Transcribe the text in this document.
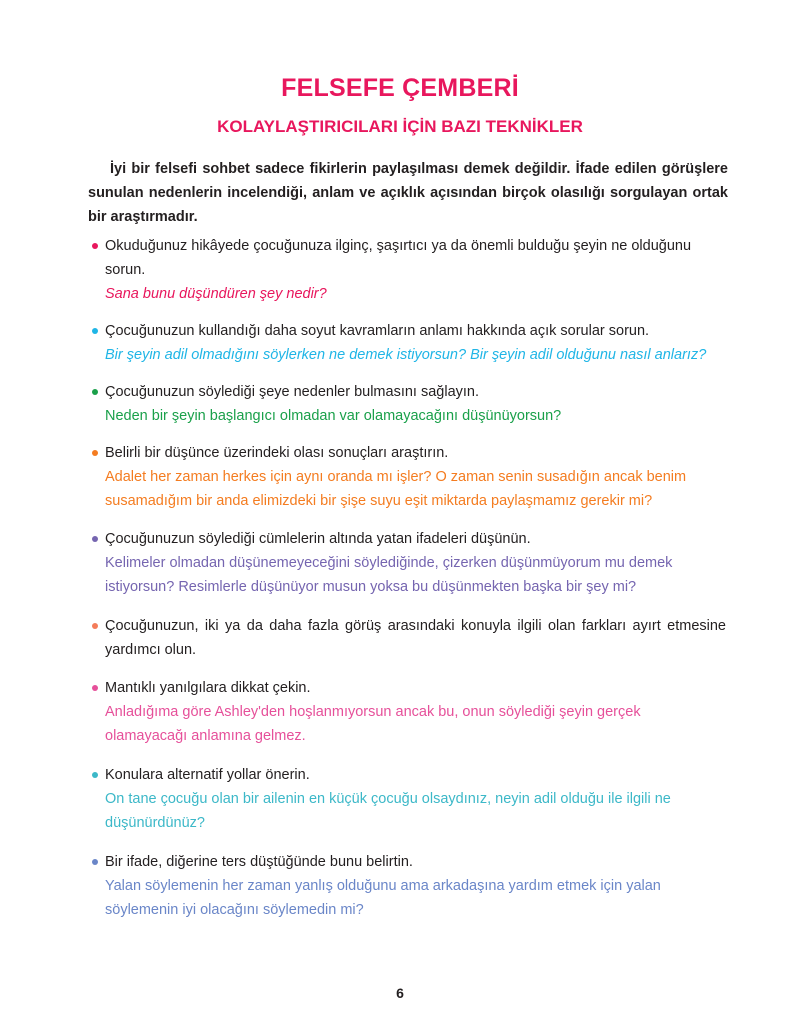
FELSEFE ÇEMBERİ
KOLAYLAŞTIRICILARI İÇİN BAZI TEKNİKLER
İyi bir felsefi sohbet sadece fikirlerin paylaşılması demek değildir. İfade edilen görüşlere sunulan nedenlerin incelendiği, anlam ve açıklık açısından birçok olasılığı sorgulayan ortak bir araştırmadır.
Okuduğunuz hikâyede çocuğunuza ilginç, şaşırtıcı ya da önemli bulduğu şeyin ne olduğunu sorun.
Sana bunu düşündüren şey nedir?
Çocuğunuzun kullandığı daha soyut kavramların anlamı hakkında açık sorular sorun.
Bir şeyin adil olmadığını söylerken ne demek istiyorsun? Bir şeyin adil olduğunu nasıl anlarız?
Çocuğunuzun söylediği şeye nedenler bulmasını sağlayın.
Neden bir şeyin başlangıcı olmadan var olamayacağını düşünüyorsun?
Belirli bir düşünce üzerindeki olası sonuçları araştırın.
Adalet her zaman herkes için aynı oranda mı işler? O zaman senin susadığın ancak benim susamadığım bir anda elimizdeki bir şişe suyu eşit miktarda paylaşmamız gerekir mi?
Çocuğunuzun söylediği cümlelerin altında yatan ifadeleri düşünün.
Kelimeler olmadan düşünemeyeceğini söylediğinde, çizerken düşünmüyorum mu demek istiyorsun? Resimlerle düşünüyor musun yoksa bu düşünmekten başka bir şey mi?
Çocuğunuzun, iki ya da daha fazla görüş arasındaki konuyla ilgili olan farkları ayırt etmesine yardımcı olun.
Mantıklı yanılgılara dikkat çekin.
Anladığıma göre Ashley'den hoşlanmıyorsun ancak bu, onun söylediği şeyin gerçek olamayacağı anlamına gelmez.
Konulara alternatif yollar önerin.
On tane çocuğu olan bir ailenin en küçük çocuğu olsaydınız, neyin adil olduğu ile ilgili ne düşünürdünüz?
Bir ifade, diğerine ters düştüğünde bunu belirtin.
Yalan söylemenin her zaman yanlış olduğunu ama arkadaşına yardım etmek için yalan söylemenin iyi olacağını söylemedin mi?
6
